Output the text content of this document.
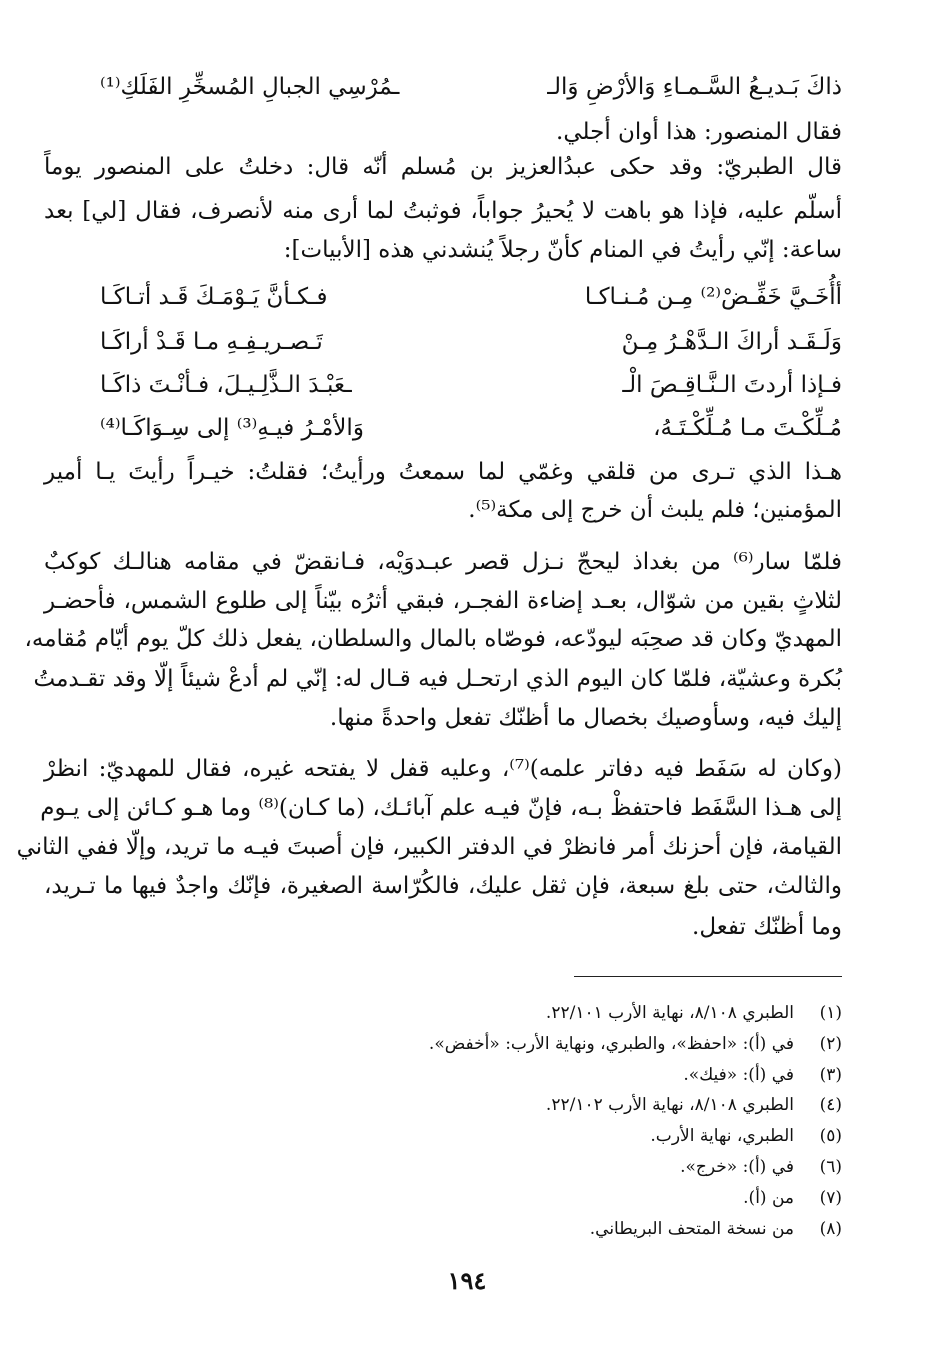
ذاكَ بَـديـعُ السَّـمـاءِ وَالأرْضِ وَالـ
ـمُرْسِي الجبالِ المُسخِّرِ الفَلَكِ⁽¹⁾
فقال المنصور: هذا أوان أجلي.
قال الطبريّ: وقد حكى عبدُالعزيز بن مُسلم أنّه قال: دخلتُ على المنصور يوماً
أسلّم عليه، فإذا هو باهت لا يُحيرُ جواباً، فوثبتُ لما أرى منه لأنصرف، فقال [لي] بعد
ساعة: إنّي رأيتُ في المنام كأنّ رجلاً يُنشدني هذه [الأبيات]:
أأُخَـيَّ خَفِّـضْ⁽²⁾ مِـن مُـنـاكـا
فـكـأنَّ يَـوْمَـكَ قَـد أتـاكَـا
وَلَـقَـد أراكَ الـدَّهْـرُ مِـنْ
تَـصـريـفِـهِ مـا قَـدْ أراكَـا
فـإذا أردتَ الـنَّـاقِـصَ الْـ
ـعَبْـدَ الـذَّلِـيـلَ، فـأنْـتَ ذاكَـا
مُـلِّكْـتَ مـا مُـلِّكْـتَـهُ،
وَالأمْـرُ فيـهِ⁽³⁾ إلى سِـوَاكَـا⁽⁴⁾
هـذا الذي تـرى من قلقي وغمّي لما سمعتُ ورأيتُ؛ فقلتُ: خيـراً رأيتَ يـا أمير
المؤمنين؛ فلم يلبث أن خرج إلى مكة⁽⁵⁾.
فلمّا سار⁽⁶⁾ من بغداذ ليحجّ نـزل قصر عبـدوَيْه، فـانقضّ في مقامه هنالـك كوكبٌ
لثلاثٍ بقين من شوّال، بعـد إضاءة الفجـر، فبقي أثرُه بيّناً إلى طلوع الشمس، فأحضـر
المهديّ وكان قد صحِبَه ليودّعه، فوصّاه بالمال والسلطان، يفعل ذلك كلّ يوم أيّام مُقامه،
بُكرة وعشيّة، فلمّا كان اليوم الذي ارتحـل فيه قـال له: إنّي لم أدعْ شيئاً إلّا وقد تقـدمتُ
إليك فيه، وسأوصيك بخصال ما أظنّك تفعل واحدةً منها.
(وكان له سَفَط فيه دفاتر علمه)⁽⁷⁾، وعليه قفل لا يفتحه غيره، فقال للمهديّ: انظرْ
إلى هـذا السَّفَط فاحتفظْ بـه، فإنّ فيـه علم آبائـك، (ما كـان)⁽⁸⁾ وما هـو كـائن إلى يـوم
القيامة، فإن أحزنك أمر فانظرْ في الدفتر الكبير، فإن أصبتَ فيـه ما تريد، وإلّا ففي الثاني
والثالث، حتى بلغ سبعة، فإن ثقل عليك، فالكُرّاسة الصغيرة، فإنّك واجدٌ فيها ما تـريد،
وما أظنّك تفعل.
(١)الطبري ٨/١٠٨، نهاية الأرب ٢٢/١٠١.
(٢)في (أ): «احفظ»، والطبري، ونهاية الأرب: «أخفض».
(٣)في (أ): «فيك».
(٤)الطبري ٨/١٠٨، نهاية الأرب ٢٢/١٠٢.
(٥)الطبري، نهاية الأرب.
(٦)في (أ): «خرج».
(٧)من (أ).
(٨)من نسخة المتحف البريطاني.
١٩٤
